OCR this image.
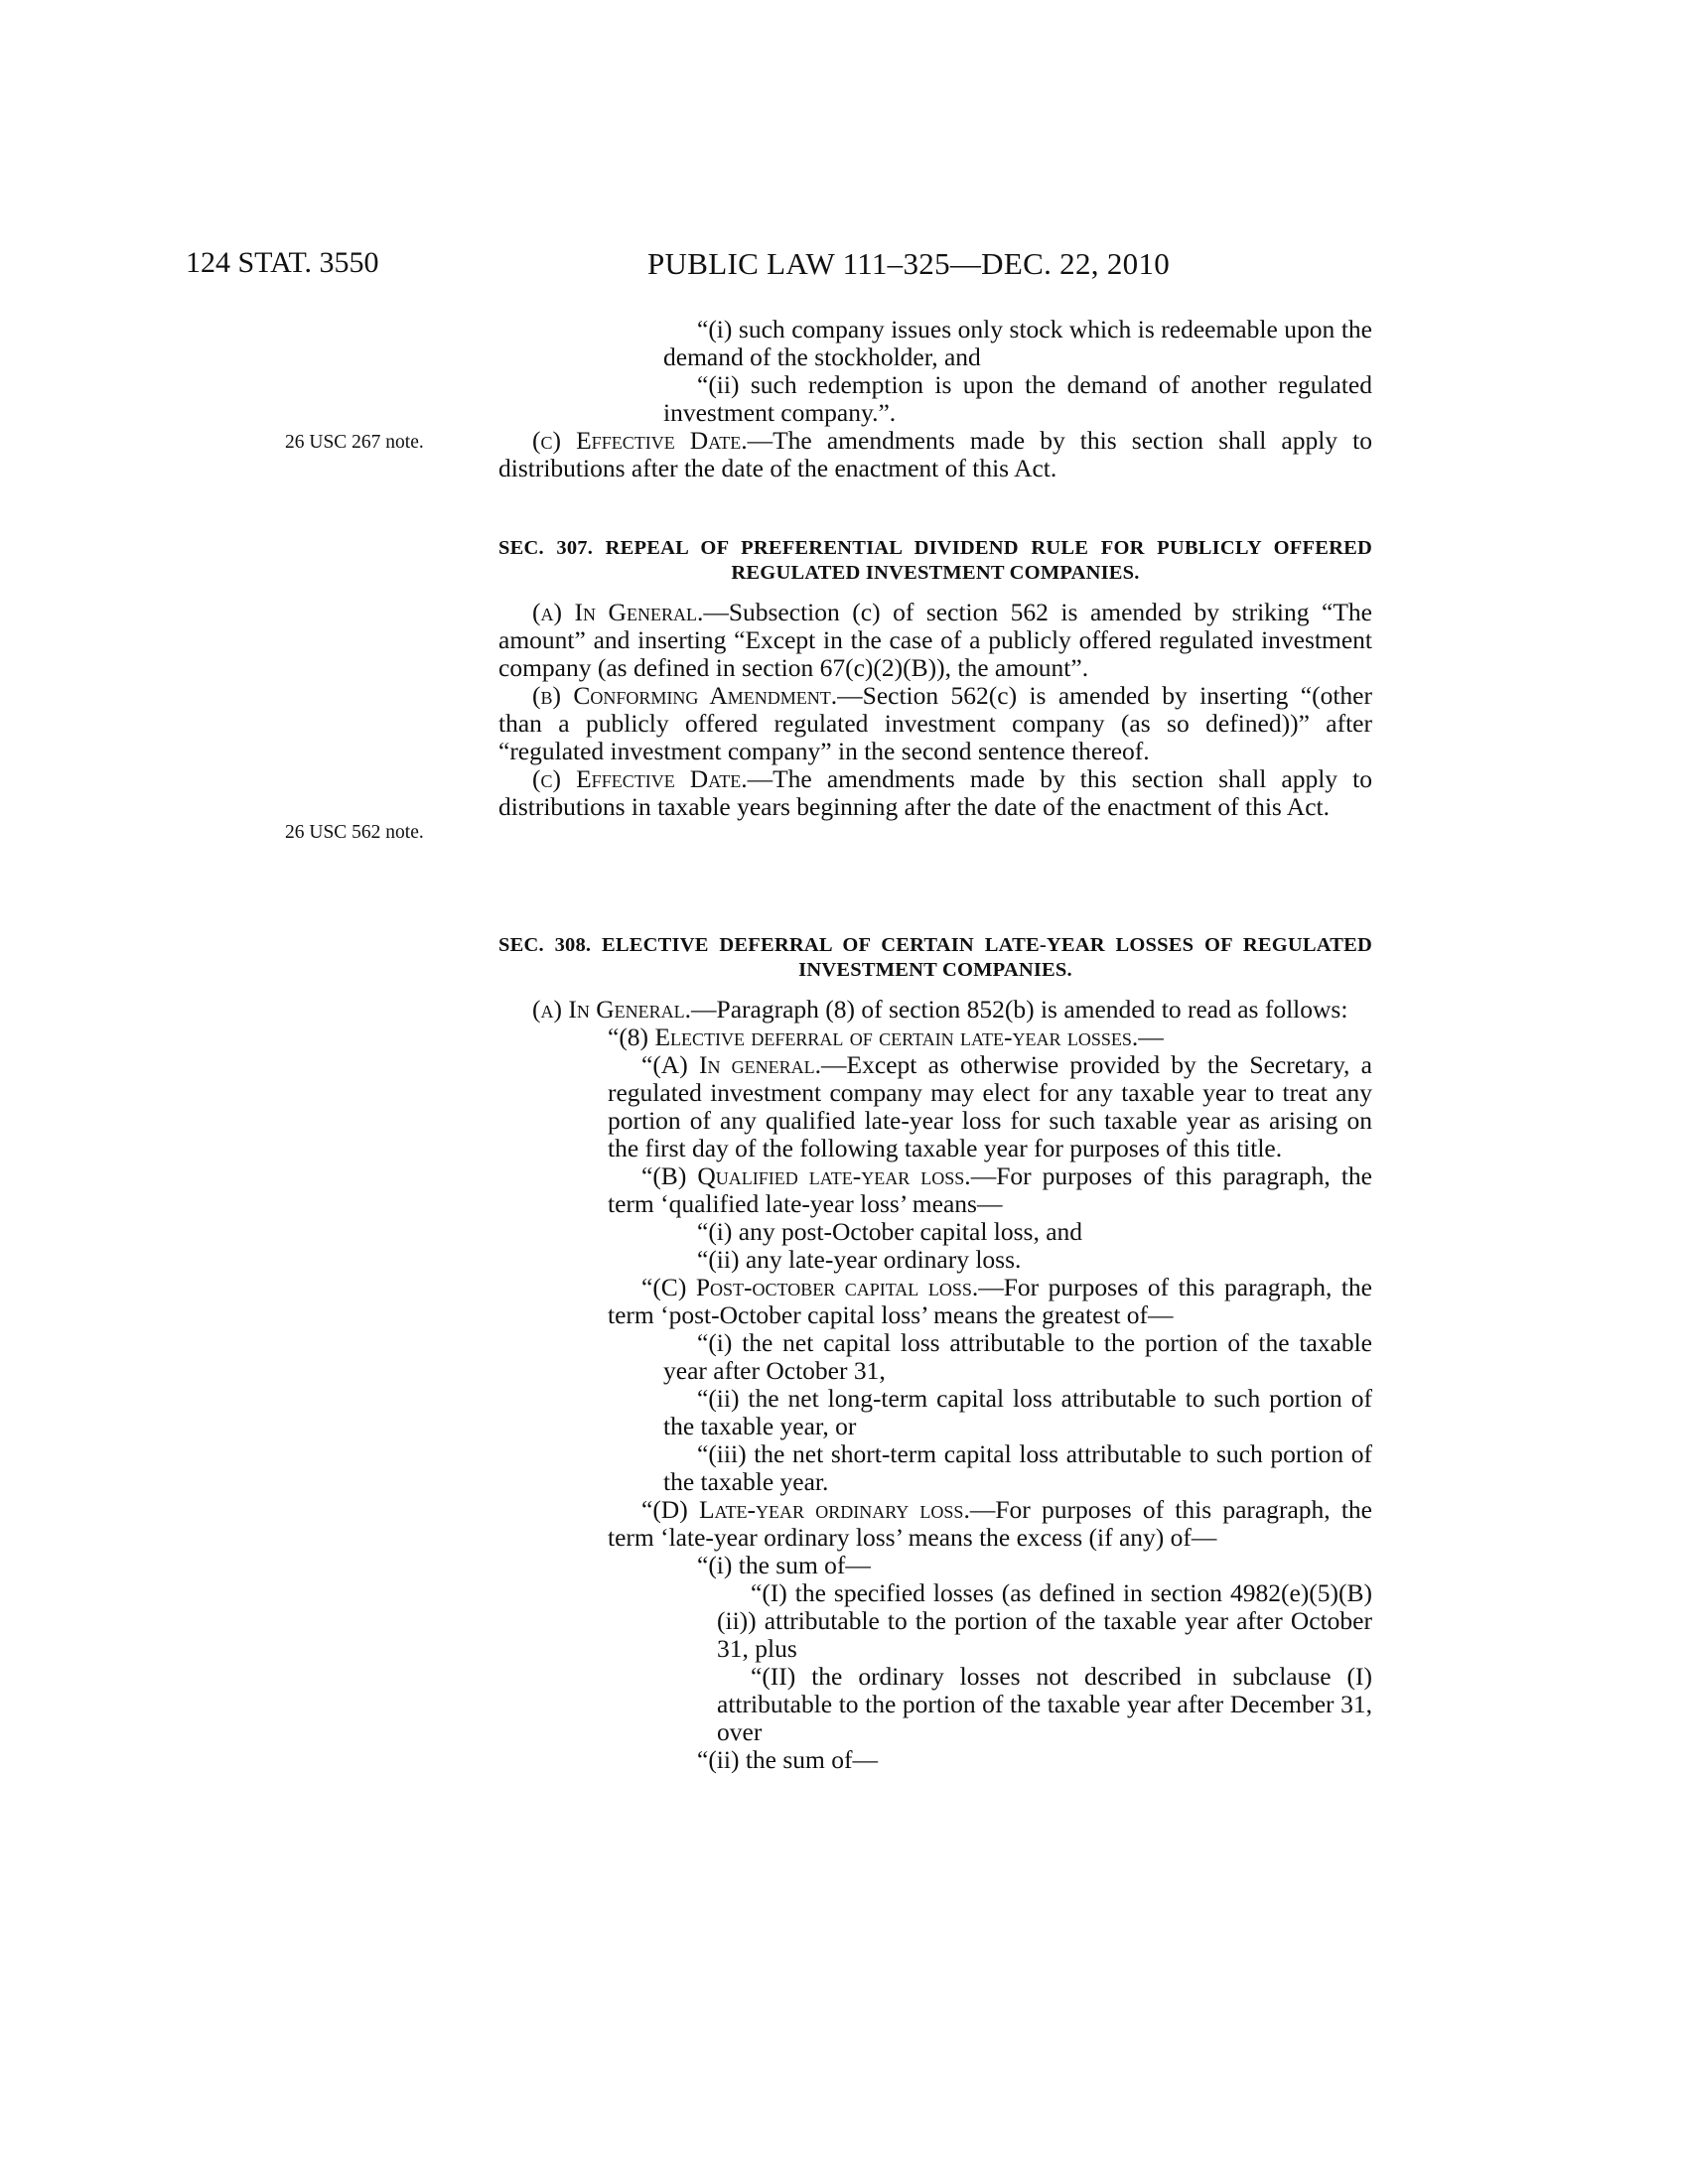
124 STAT. 3550	PUBLIC LAW 111–325—DEC. 22, 2010
26 USC 267 note.
26 USC 562 note.

“(i) such company issues only stock which is redeemable upon the demand of the stockholder, and

“(ii) such redemption is upon the demand of another regulated investment company.”.

(c) Effective Date.—The amendments made by this section shall apply to distributions after the date of the enactment of this Act.

SEC. 307. REPEAL OF PREFERENTIAL DIVIDEND RULE FOR PUBLICLY OFFERED REGULATED INVESTMENT COMPANIES.

(a) In General.—Subsection (c) of section 562 is amended by striking “The amount” and inserting “Except in the case of a publicly offered regulated investment company (as defined in section 67(c)(2)(B)), the amount”.

(b) Conforming Amendment.—Section 562(c) is amended by inserting “(other than a publicly offered regulated investment company (as so defined))” after “regulated investment company” in the second sentence thereof.

(c) Effective Date.—The amendments made by this section shall apply to distributions in taxable years beginning after the date of the enactment of this Act.

SEC. 308. ELECTIVE DEFERRAL OF CERTAIN LATE-YEAR LOSSES OF REGULATED INVESTMENT COMPANIES.

(a) In General.—Paragraph (8) of section 852(b) is amended to read as follows:

“(8) Elective deferral of certain late-year losses.—

“(A) In general.—Except as otherwise provided by the Secretary, a regulated investment company may elect for any taxable year to treat any portion of any qualified late-year loss for such taxable year as arising on the first day of the following taxable year for purposes of this title.

“(B) Qualified late-year loss.—For purposes of this paragraph, the term ‘qualified late-year loss’ means—

“(i) any post-October capital loss, and

“(ii) any late-year ordinary loss.

“(C) Post-october capital loss.—For purposes of this paragraph, the term ‘post-October capital loss’ means the greatest of—

“(i) the net capital loss attributable to the portion of the taxable year after October 31,

“(ii) the net long-term capital loss attributable to such portion of the taxable year, or

“(iii) the net short-term capital loss attributable to such portion of the taxable year.

“(D) Late-year ordinary loss.—For purposes of this paragraph, the term ‘late-year ordinary loss’ means the excess (if any) of—

“(i) the sum of—

“(I) the specified losses (as defined in section 4982(e)(5)(B)(ii)) attributable to the portion of the taxable year after October 31, plus

“(II) the ordinary losses not described in subclause (I) attributable to the portion of the taxable year after December 31, over

“(ii) the sum of—
